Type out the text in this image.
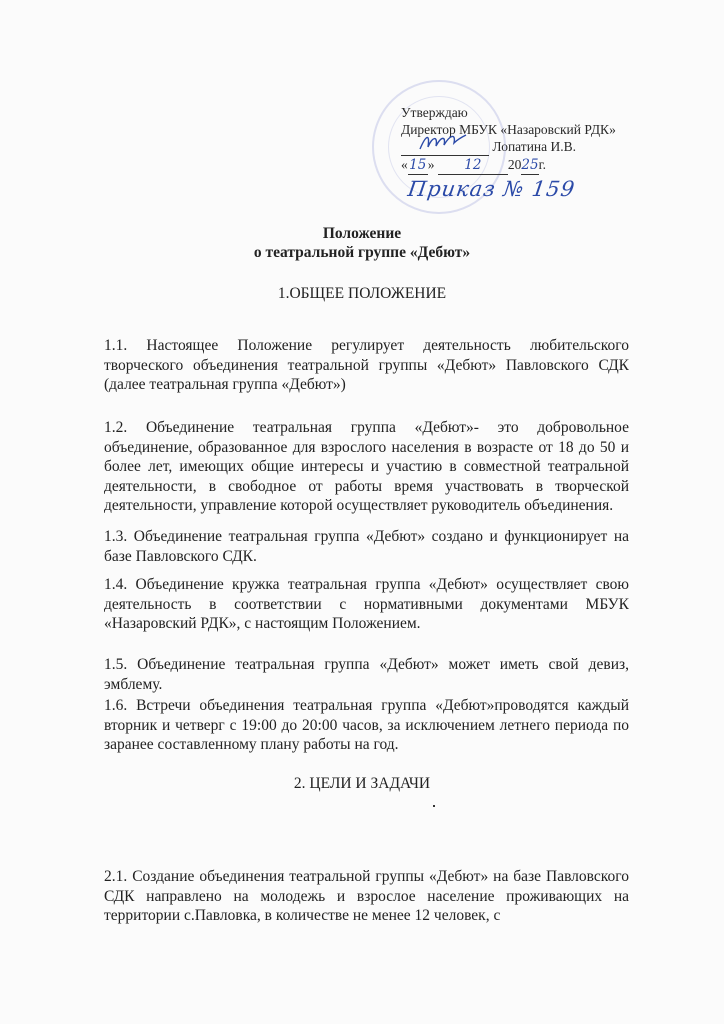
Утверждаю
Директор МБУК «Назаровский РДК»
Лопатина И.В.
«15» 12 2025г.
Приказ № 159
Положение
о театральной группе «Дебют»
1.ОБЩЕЕ ПОЛОЖЕНИЕ
1.1. Настоящее Положение регулирует деятельность любительского творческого объединения театральной группы «Дебют» Павловского СДК (далее театральная группа «Дебют»)
1.2. Объединение театральная группа «Дебют»- это добровольное объединение, образованное для взрослого населения в возрасте от 18 до 50 и более лет, имеющих общие интересы и участию в совместной театральной деятельности, в свободное от работы время участвовать в творческой деятельности, управление которой осуществляет руководитель объединения.
1.3. Объединение театральная группа «Дебют» создано и функционирует на базе Павловского СДК.
1.4. Объединение кружка театральная группа «Дебют» осуществляет свою деятельность в соответствии с нормативными документами МБУК «Назаровский РДК», с настоящим Положением.
1.5. Объединение театральная группа «Дебют» может иметь свой девиз, эмблему.
1.6. Встречи объединения театральная группа «Дебют»проводятся каждый вторник и четверг с 19:00 до 20:00 часов, за исключением летнего периода по заранее составленному плану работы на год.
2. ЦЕЛИ И ЗАДАЧИ
2.1. Создание объединения театральной группы «Дебют» на базе Павловского СДК направлено на молодежь и взрослое население проживающих на территории с.Павловка, в количестве не менее 12 человек, с
